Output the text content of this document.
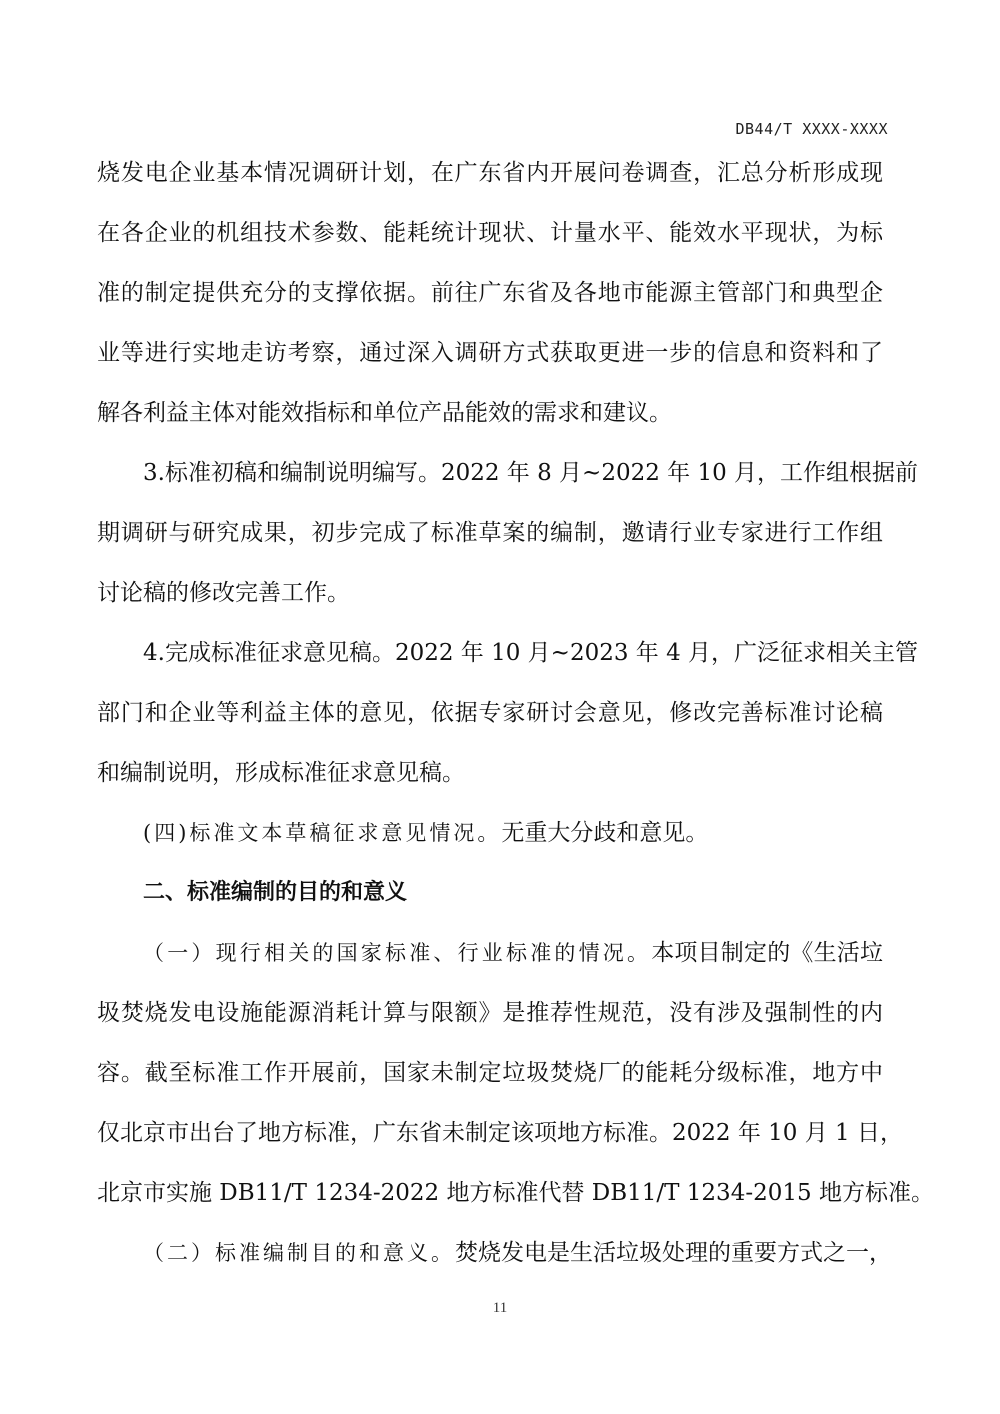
DB44/T XXXX-XXXX
烧发电企业基本情况调研计划，在广东省内开展问卷调查，汇总分析形成现
在各企业的机组技术参数、能耗统计现状、计量水平、能效水平现状，为标
准的制定提供充分的支撑依据。前往广东省及各地市能源主管部门和典型企
业等进行实地走访考察，通过深入调研方式获取更进一步的信息和资料和了
解各利益主体对能效指标和单位产品能效的需求和建议。
3.标准初稿和编制说明编写。2022 年 8 月~2022 年 10 月，工作组根据前
期调研与研究成果，初步完成了标准草案的编制，邀请行业专家进行工作组
讨论稿的修改完善工作。
4.完成标准征求意见稿。2022 年 10 月~2023 年 4 月，广泛征求相关主管
部门和企业等利益主体的意见，依据专家研讨会意见，修改完善标准讨论稿
和编制说明，形成标准征求意见稿。
(四)标准文本草稿征求意见情况。无重大分歧和意见。
二、标准编制的目的和意义
（一）现行相关的国家标准、行业标准的情况。本项目制定的《生活垃
圾焚烧发电设施能源消耗计算与限额》是推荐性规范，没有涉及强制性的内
容。截至标准工作开展前，国家未制定垃圾焚烧厂的能耗分级标准，地方中
仅北京市出台了地方标准，广东省未制定该项地方标准。2022 年 10 月 1 日，
北京市实施 DB11/T 1234-2022 地方标准代替 DB11/T 1234-2015 地方标准。
（二）标准编制目的和意义。焚烧发电是生活垃圾处理的重要方式之一，
11
